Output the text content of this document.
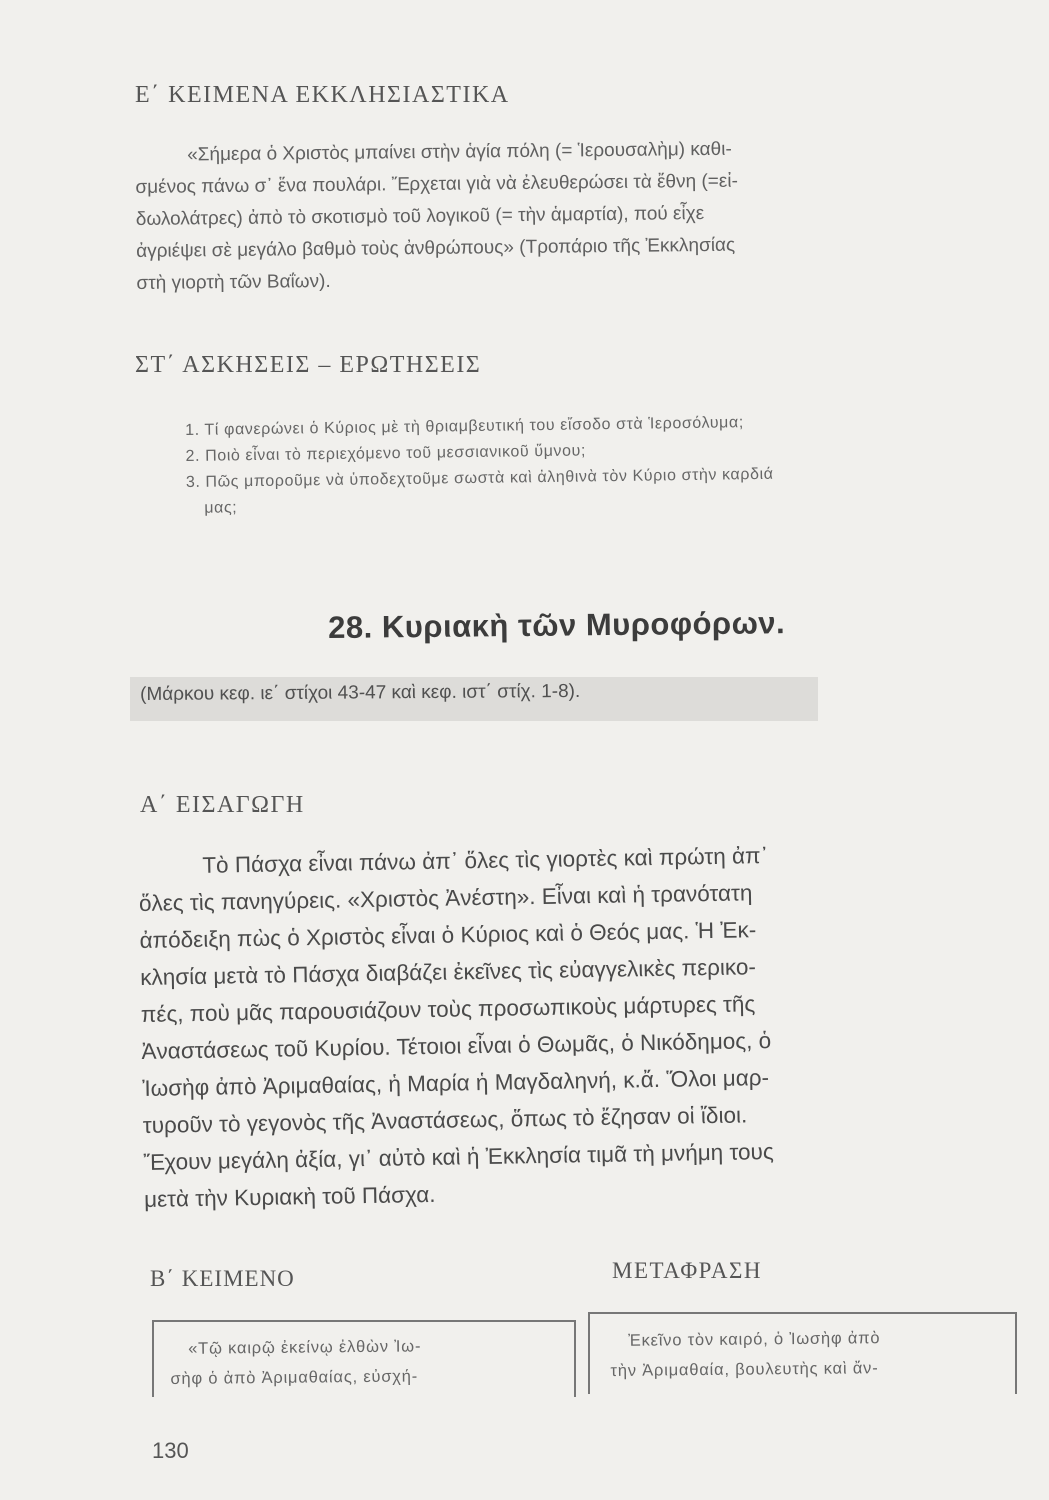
Ε΄ ΚΕΙΜΕΝΑ ΕΚΚΛΗΣΙΑΣΤΙΚΑ

«Σήμερα ὁ Χριστὸς μπαίνει στὴν ἁγία πόλη (= Ἱερουσαλὴμ) καθι-

σμένος πάνω σ᾽ ἕνα πουλάρι. Ἔρχεται γιὰ νὰ ἐλευθερώσει τὰ ἔθνη (=εἰ-

δωλολάτρες) ἀπὸ τὸ σκοτισμὸ τοῦ λογικοῦ (= τὴν ἁμαρτία), πού εἶχε

ἀγριέψει σὲ μεγάλο βαθμὸ τοὺς ἀνθρώπους» (Τροπάριο τῆς Ἐκκλησίας

στὴ γιορτὴ τῶν Βαΐων).

ΣΤ΄ ΑΣΚΗΣΕΙΣ – ΕΡΩΤΗΣΕΙΣ
1. Τί φανερώνει ὁ Κύριος μὲ τὴ θριαμβευτική του εἴσοδο στὰ Ἱεροσόλυμα;
2. Ποιὸ εἶναι τὸ περιεχόμενο τοῦ μεσσιανικοῦ ὕμνου;
3. Πῶς μποροῦμε νὰ ὑποδεχτοῦμε σωστὰ καὶ ἀληθινὰ τὸν Κύριο στὴν καρδιά
μας;
28. Κυριακὴ τῶν Μυροφόρων.
(Μάρκου κεφ. ιε΄ στίχοι 43-47 καὶ κεφ. ιστ΄ στίχ. 1-8).
Α΄ ΕΙΣΑΓΩΓΗ
Τὸ Πάσχα εἶναι πάνω ἀπ᾽ ὅλες τὶς γιορτὲς καὶ πρώτη ἀπ᾽
ὅλες τὶς πανηγύρεις. «Χριστὸς Ἀνέστη». Εἶναι καὶ ἡ τρανότατη
ἀπόδειξη πὼς ὁ Χριστὸς εἶναι ὁ Κύριος καὶ ὁ Θεός μας. Ἡ Ἐκ-
κλησία μετὰ τὸ Πάσχα διαβάζει ἐκεῖνες τὶς εὐαγγελικὲς περικο-
πές, ποὺ μᾶς παρουσιάζουν τοὺς προσωπικοὺς μάρτυρες τῆς
Ἀναστάσεως τοῦ Κυρίου. Τέτοιοι εἶναι ὁ Θωμᾶς, ὁ Νικόδημος, ὁ
Ἰωσὴφ ἀπὸ Ἀριμαθαίας, ἡ Μαρία ἡ Μαγδαληνή, κ.ἄ. Ὅλοι μαρ-
τυροῦν τὸ γεγονὸς τῆς Ἀναστάσεως, ὅπως τὸ ἔζησαν οἱ ἴδιοι.
Ἔχουν μεγάλη ἀξία, γι᾽ αὐτὸ καὶ ἡ Ἐκκλησία τιμᾶ τὴ μνήμη τους
μετὰ τὴν Κυριακὴ τοῦ Πάσχα.
Β΄ ΚΕΙΜΕΝΟ	ΜΕΤΑΦΡΑΣΗ
«Τῷ καιρῷ ἐκείνῳ ἐλθὼν Ἰω-
σὴφ ὁ ἀπὸ Ἀριμαθαίας, εὐσχή-
Ἐκεῖνο τὸν καιρό, ὁ Ἰωσὴφ ἀπὸ
τὴν Ἀριμαθαία, βουλευτὴς καὶ ἄν-
130
